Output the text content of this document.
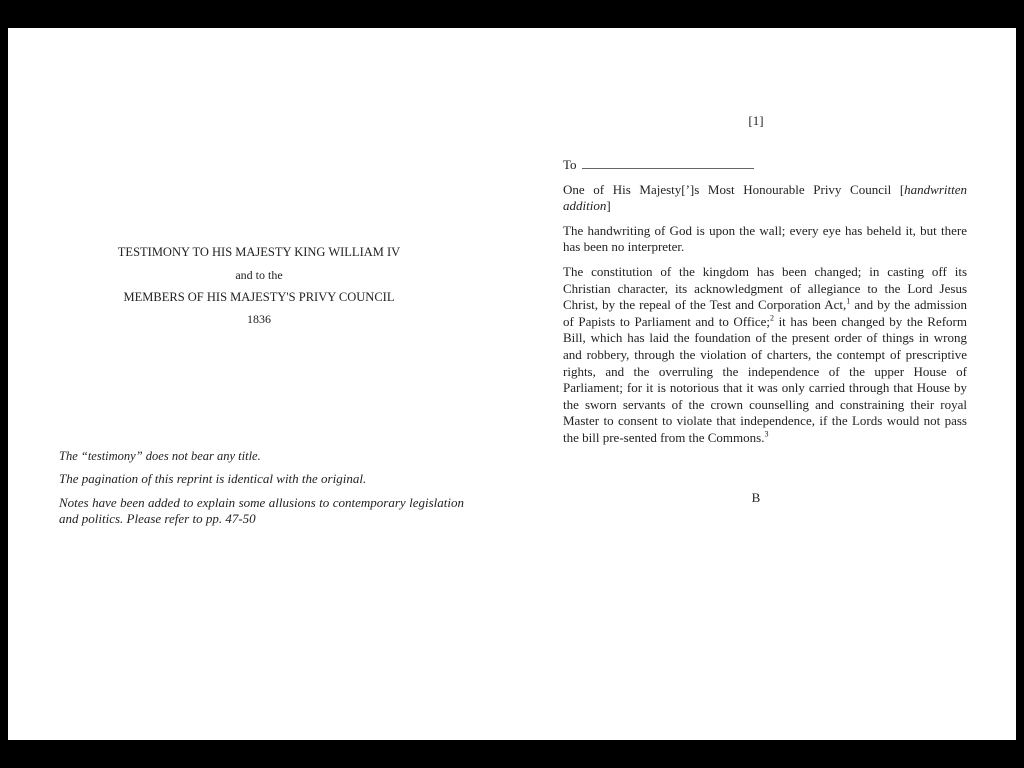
TESTIMONY TO HIS MAJESTY KING WILLIAM IV
and to the
MEMBERS OF HIS MAJESTY'S PRIVY COUNCIL
1836

The “testimony” does not bear any title.

The pagination of this reprint is identical with the original.

Notes have been added to explain some allusions to contemporary legislation and politics. Please refer to pp. 47-50

[1]

To

One of His Majesty[’]s Most Honourable Privy Council [handwritten addition]

The handwriting of God is upon the wall; every eye has beheld it, but there has been no interpreter.

The constitution of the kingdom has been changed; in casting off its Christian character, its acknowledgment of allegiance to the Lord Jesus Christ, by the repeal of the Test and Corporation Act,$^1$ and by the admission of Papists to Parliament and to Office;$^2$ it has been changed by the Reform Bill, which has laid the foundation of the present order of things in wrong and robbery, through the violation of charters, the contempt of prescriptive rights, and the overruling the independence of the upper House of Parliament; for it is notorious that it was only carried through that House by the sworn servants of the crown counselling and constraining their royal Master to consent to violate that independence, if the Lords would not pass the bill pre-sented from the Commons.$^3$

B
